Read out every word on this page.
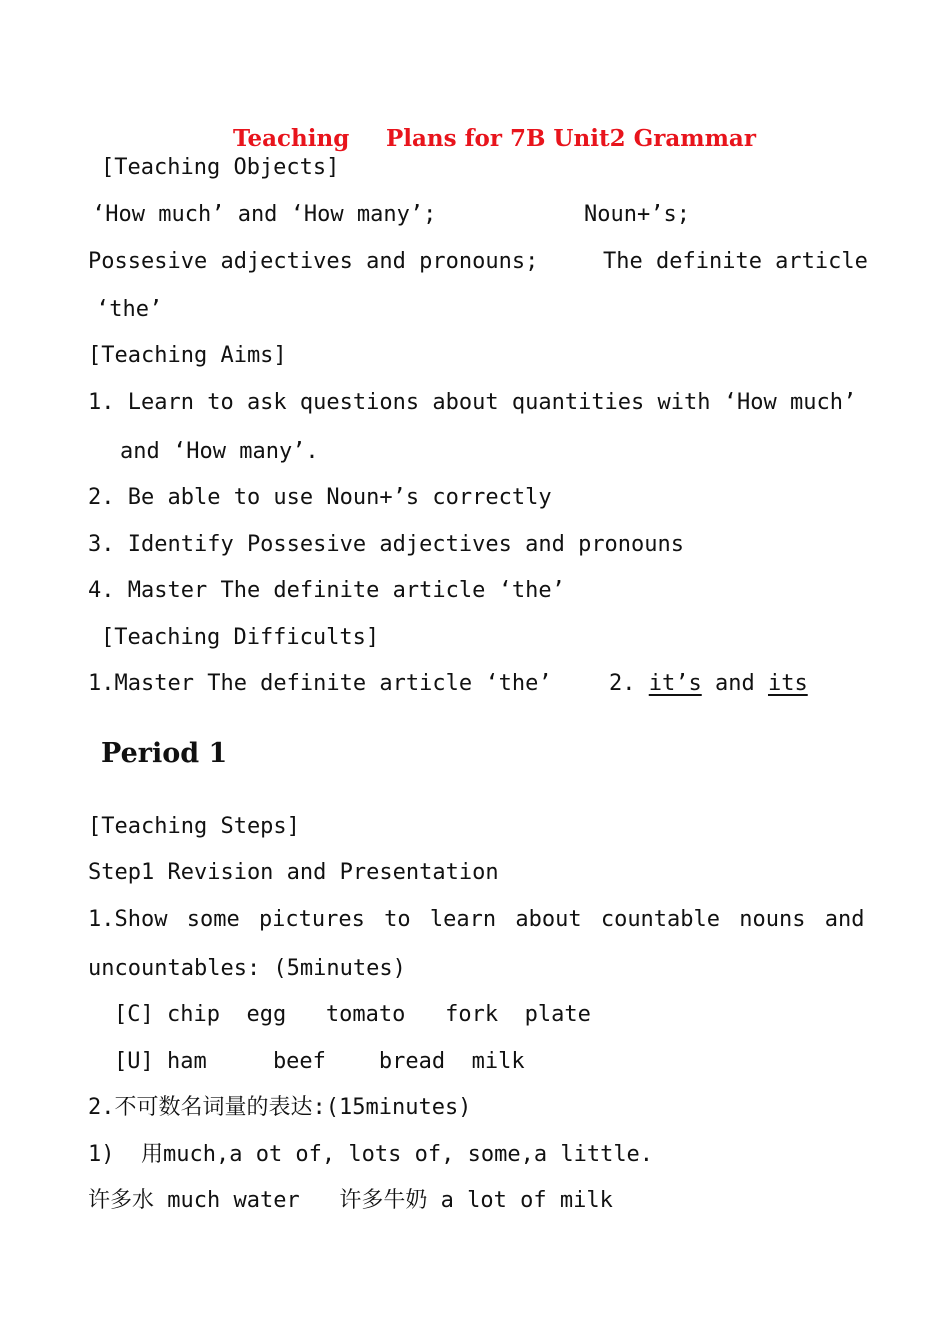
Teaching Plans for 7B Unit2 Grammar
[Teaching Objects]
‘How much’ and ‘How many’;	Noun+’s;
Possesive adjectives and pronouns;	The definite article
‘the’
[Teaching Aims]
1. Learn to ask questions about quantities with ‘How much’
and ‘How many’.
2. Be able to use Noun+’s correctly
3. Identify Possesive adjectives and pronouns
4. Master The definite article ‘the’
[Teaching Difficults]
1.Master The definite article ‘the’	2. it’s and its
Period 1
[Teaching Steps]
Step1 Revision and Presentation
1.Show some pictures to learn about countable nouns and
uncountables: (5minutes)
[C] chip  egg   tomato   fork  plate
[U] ham     beef    bread  milk
2.不可数名词量的表达:(15minutes)
1)  用much,a ot of, lots of, some,a little.
许多水 much water   许多牛奶 a lot of milk
